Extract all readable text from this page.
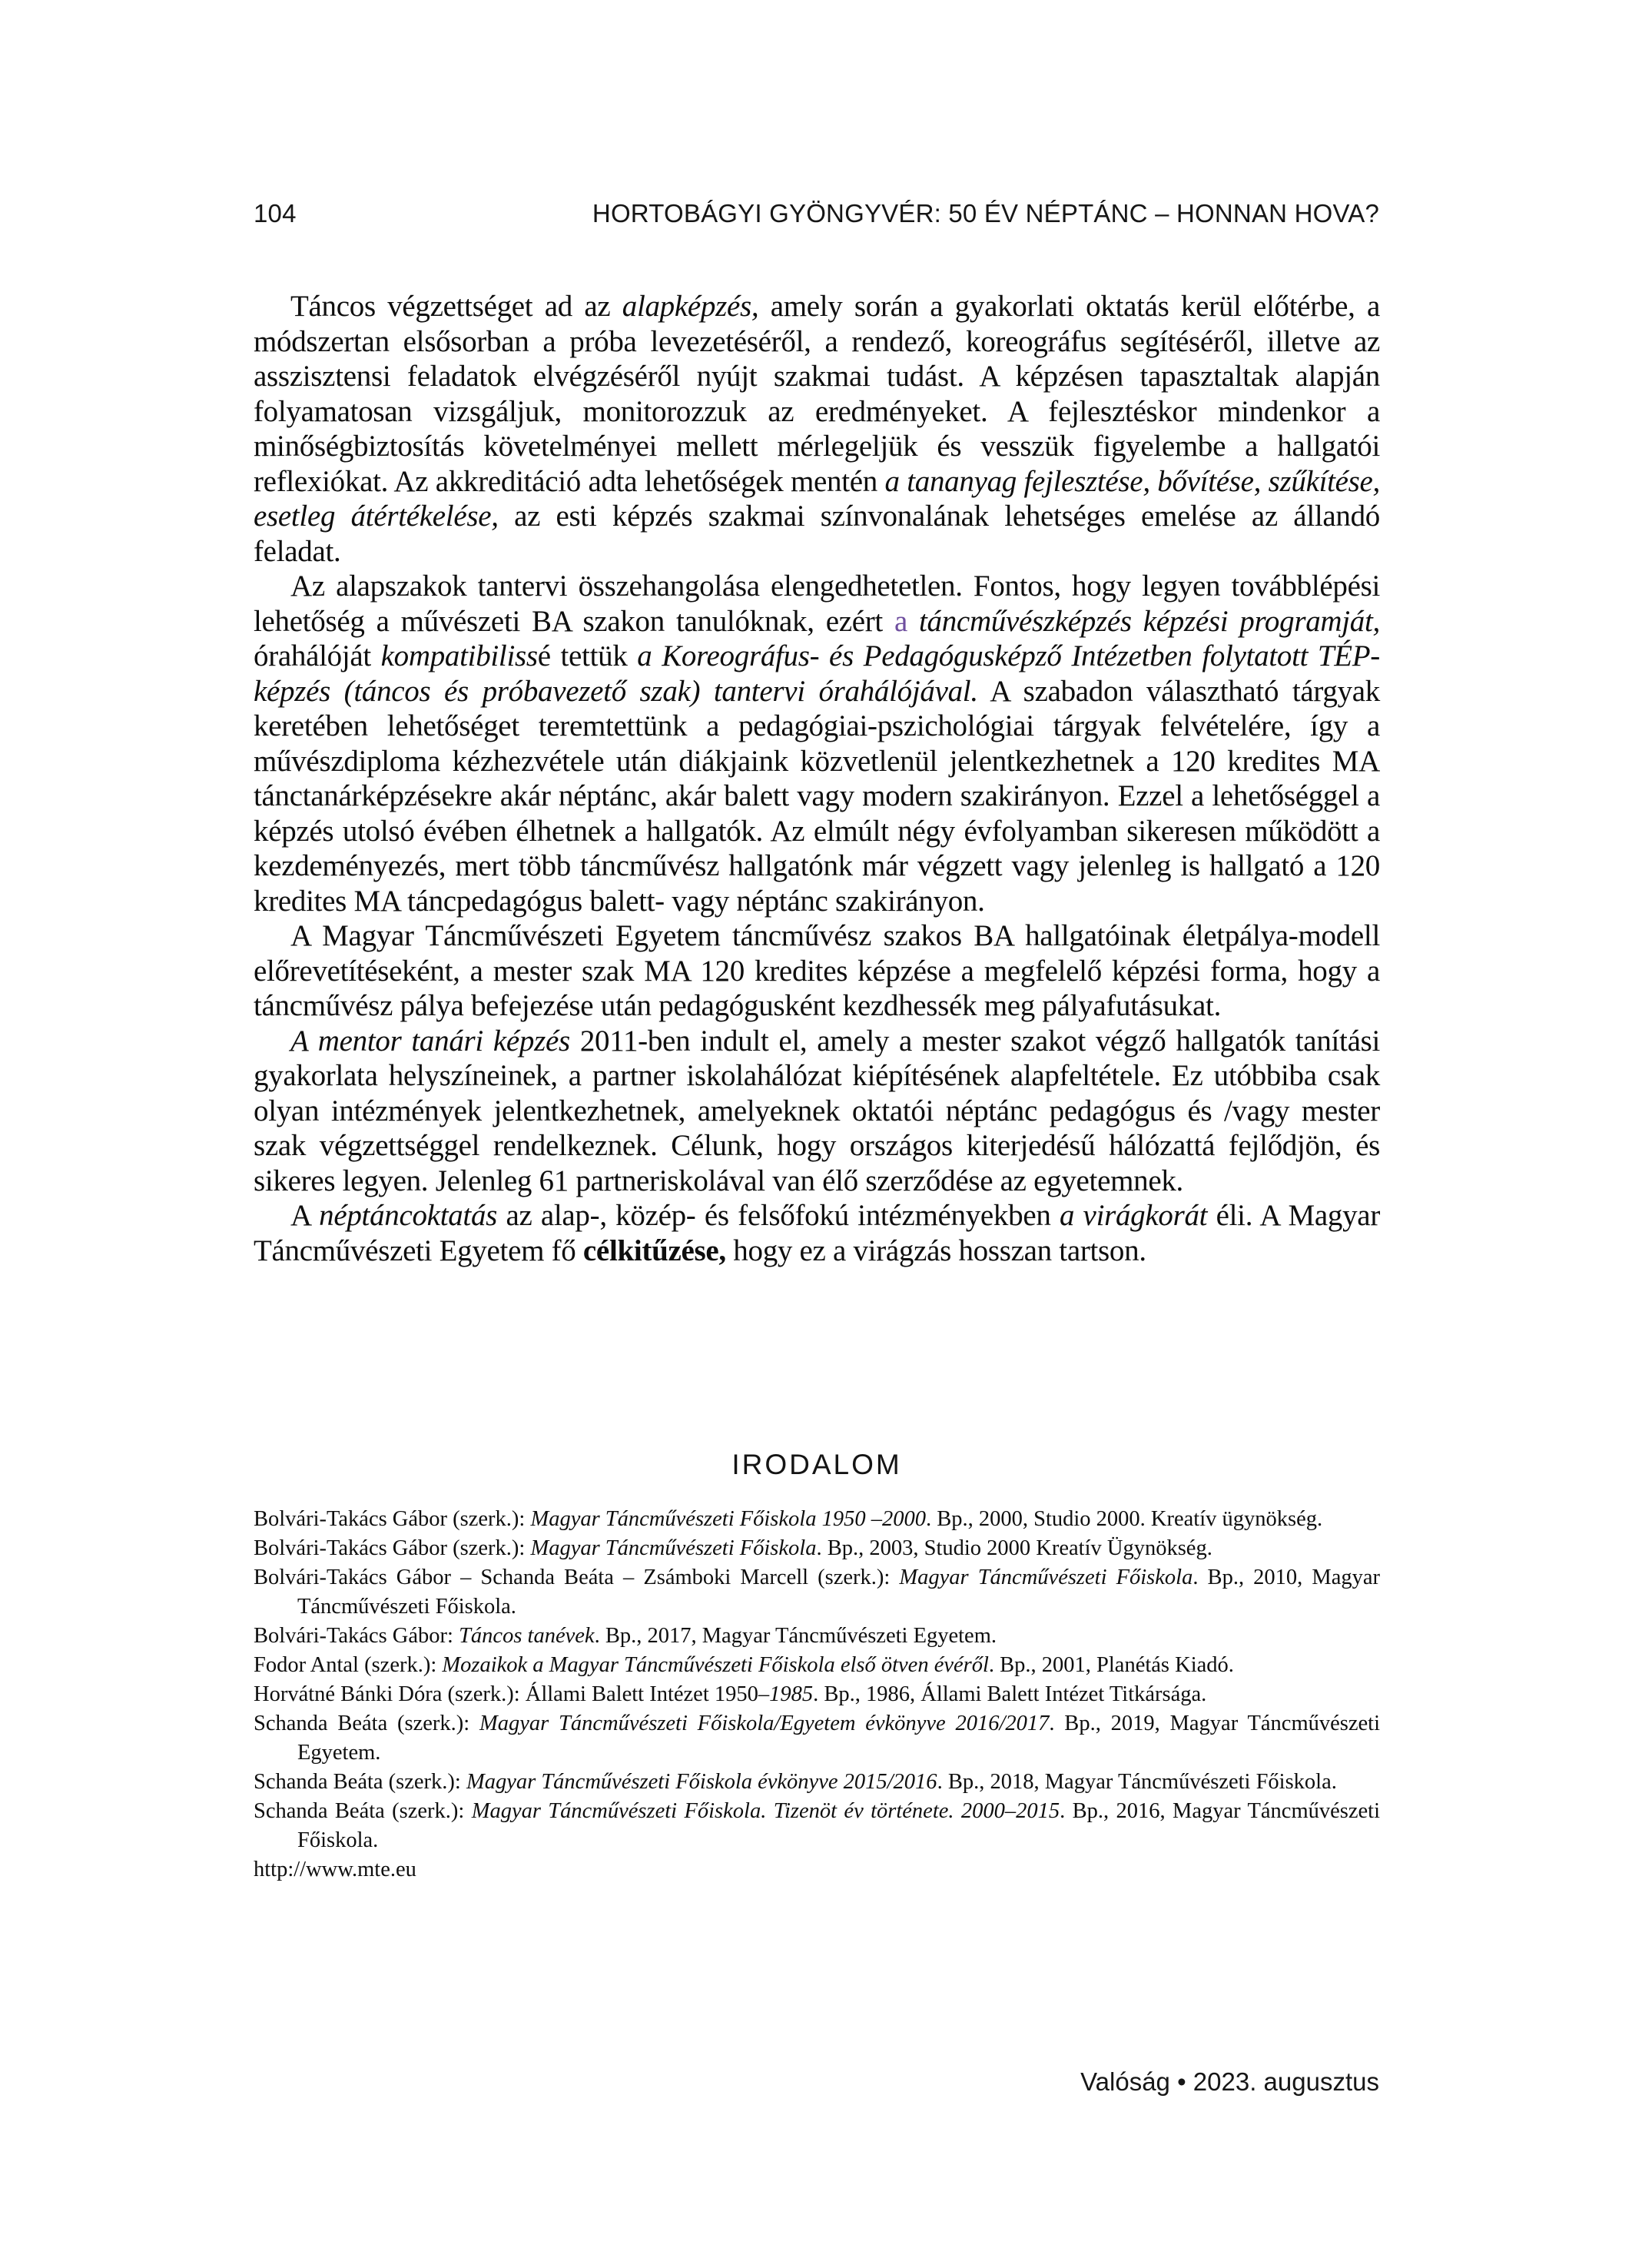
104	HORTOBÁGYI GYÖNGYVÉR: 50 ÉV NÉPTÁNC – HONNAN HOVA?

Táncos végzettséget ad az alapképzés, amely során a gyakorlati oktatás kerül előtérbe, a módszertan elsősorban a próba levezetéséről, a rendező, koreográfus segítéséről, illetve az asszisztensi feladatok elvégzéséről nyújt szakmai tudást. A képzésen tapasztaltak alapján folyamatosan vizsgáljuk, monitorozzuk az eredményeket. A fejlesztéskor mindenkor a minőségbiztosítás követelményei mellett mérlegeljük és vesszük figyelembe a hallgatói reflexiókat. Az akkreditáció adta lehetőségek mentén a tananyag fejlesztése, bővítése, szűkítése, esetleg átértékelése, az esti képzés szakmai színvonalának lehetséges emelése az állandó feladat.

Az alapszakok tantervi összehangolása elengedhetetlen. Fontos, hogy legyen továbblépési lehetőség a művészeti BA szakon tanulóknak, ezért a táncművészképzés képzési programját, órahálóját kompatibilissé tettük a Koreográfus- és Pedagógusképző Intézetben folytatott TÉP-képzés (táncos és próbavezető szak) tantervi órahálójával. A szabadon választható tárgyak keretében lehetőséget teremtettünk a pedagógiai-pszichológiai tárgyak felvételére, így a művészdiploma kézhezvétele után diákjaink közvetlenül jelentkezhetnek a 120 kredites MA tánctanárképzésekre akár néptánc, akár balett vagy modern szakirányon. Ezzel a lehetőséggel a képzés utolsó évében élhetnek a hallgatók. Az elmúlt négy évfolyamban sikeresen működött a kezdeményezés, mert több táncművész hallgatónk már végzett vagy jelenleg is hallgató a 120 kredites MA táncpedagógus balett- vagy néptánc szakirányon.

A Magyar Táncművészeti Egyetem táncművész szakos BA hallgatóinak életpálya-modell előrevetítéseként, a mester szak MA 120 kredites képzése a megfelelő képzési forma, hogy a táncművész pálya befejezése után pedagógusként kezdhessék meg pályafutásukat.

A mentor tanári képzés 2011-ben indult el, amely a mester szakot végző hallgatók tanítási gyakorlata helyszíneinek, a partner iskolahálózat kiépítésének alapfeltétele. Ez utóbbiba csak olyan intézmények jelentkezhetnek, amelyeknek oktatói néptánc pedagógus és /vagy mester szak végzettséggel rendelkeznek. Célunk, hogy országos kiterjedésű hálózattá fejlődjön, és sikeres legyen. Jelenleg 61 partneriskolával van élő szerződése az egyetemnek.

A néptáncoktatás az alap-, közép- és felsőfokú intézményekben a virágkorát éli. A Magyar Táncművészeti Egyetem fő célkitűzése, hogy ez a virágzás hosszan tartson.

IRODALOM

Bolvári-Takács Gábor (szerk.): Magyar Táncművészeti Főiskola 1950 –2000. Bp., 2000, Studio 2000. Kreatív ügynökség.

Bolvári-Takács Gábor (szerk.): Magyar Táncművészeti Főiskola. Bp., 2003, Studio 2000 Kreatív Ügynökség.

Bolvári-Takács Gábor – Schanda Beáta – Zsámboki Marcell (szerk.): Magyar Táncművészeti Főiskola. Bp., 2010, Magyar Táncművészeti Főiskola.

Bolvári-Takács Gábor: Táncos tanévek. Bp., 2017, Magyar Táncművészeti Egyetem.

Fodor Antal (szerk.): Mozaikok a Magyar Táncművészeti Főiskola első ötven évéről. Bp., 2001, Planétás Kiadó.

Horvátné Bánki Dóra (szerk.): Állami Balett Intézet 1950–1985. Bp., 1986, Állami Balett Intézet Titkársága.

Schanda Beáta (szerk.): Magyar Táncművészeti Főiskola/Egyetem évkönyve 2016/2017. Bp., 2019, Magyar Táncművészeti Egyetem.

Schanda Beáta (szerk.): Magyar Táncművészeti Főiskola évkönyve 2015/2016. Bp., 2018, Magyar Táncművészeti Főiskola.

Schanda Beáta (szerk.): Magyar Táncművészeti Főiskola. Tizenöt év története. 2000–2015. Bp., 2016, Magyar Táncművészeti Főiskola.

http://www.mte.eu

Valóság • 2023. augusztus
